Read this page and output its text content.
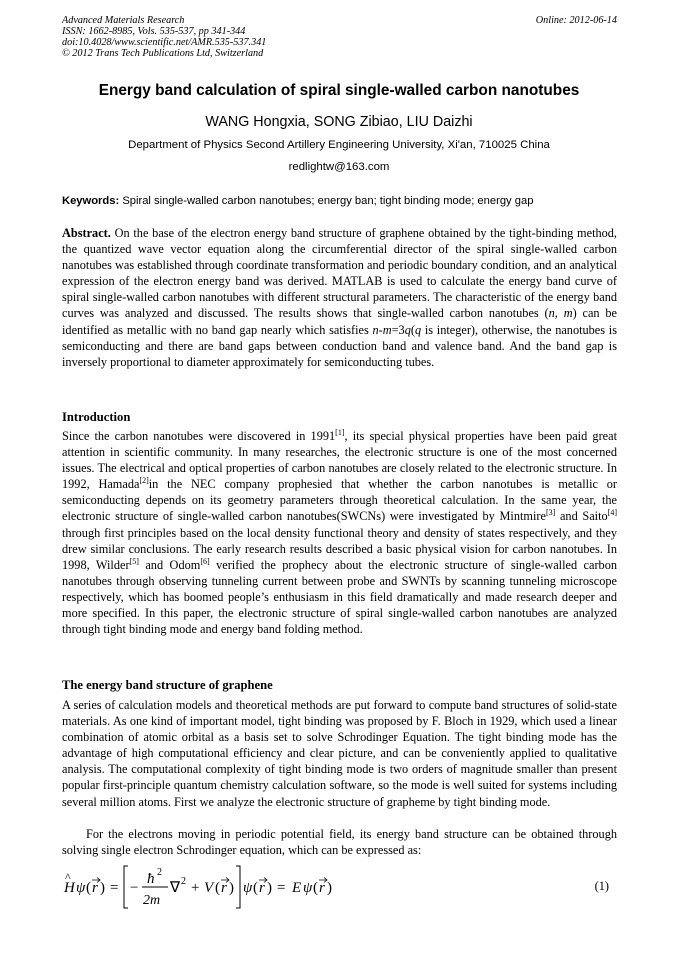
Advanced Materials Research
ISSN: 1662-8985, Vols. 535-537, pp 341-344
doi:10.4028/www.scientific.net/AMR.535-537.341
© 2012 Trans Tech Publications Ltd, Switzerland
Online: 2012-06-14
Energy band calculation of spiral single-walled carbon nanotubes
WANG Hongxia, SONG Zibiao, LIU Daizhi
Department of Physics Second Artillery Engineering University, Xi'an, 710025 China
redlightw@163.com
Keywords: Spiral single-walled carbon nanotubes; energy ban; tight binding mode; energy gap

Abstract. On the base of the electron energy band structure of graphene obtained by the tight-binding method, the quantized wave vector equation along the circumferential director of the spiral single-walled carbon nanotubes was established through coordinate transformation and periodic boundary condition, and an analytical expression of the electron energy band was derived. MATLAB is used to calculate the energy band curve of spiral single-walled carbon nanotubes with different structural parameters. The characteristic of the energy band curves was analyzed and discussed. The results shows that single-walled carbon nanotubes (n, m) can be identified as metallic with no band gap nearly which satisfies n-m=3q(q is integer), otherwise, the nanotubes is semiconducting and there are band gaps between conduction band and valence band. And the band gap is inversely proportional to diameter approximately for semiconducting tubes.

Introduction

Since the carbon nanotubes were discovered in 1991[1], its special physical properties have been paid great attention in scientific community. In many researches, the electronic structure is one of the most concerned issues. The electrical and optical properties of carbon nanotubes are closely related to the electronic structure. In 1992, Hamada[2]in the NEC company prophesied that whether the carbon nanotubes is metallic or semiconducting depends on its geometry parameters through theoretical calculation. In the same year, the electronic structure of single-walled carbon nanotubes(SWCNs) were investigated by Mintmire[3] and Saito[4] through first principles based on the local density functional theory and density of states respectively, and they drew similar conclusions. The early research results described a basic physical vision for carbon nanotubes. In 1998, Wilder[5] and Odom[6] verified the prophecy about the electronic structure of single-walled carbon nanotubes through observing tunneling current between probe and SWNTs by scanning tunneling microscope respectively, which has boomed people’s enthusiasm in this field dramatically and made research deeper and more specified. In this paper, the electronic structure of spiral single-walled carbon nanotubes are analyzed through tight binding mode and energy band folding method.

The energy band structure of graphene

A series of calculation models and theoretical methods are put forward to compute band structures of solid-state materials. As one kind of important model, tight binding was proposed by F. Bloch in 1929, which used a linear combination of atomic orbital as a basis set to solve Schrodinger Equation. The tight binding mode has the advantage of high computational efficiency and clear picture, and can be conveniently applied to qualitative analysis. The computational complexity of tight binding mode is two orders of magnitude smaller than present popular first-principle quantum chemistry calculation software, so the mode is well suited for systems including several million atoms. First we analyze the electronic structure of grapheme by tight binding mode.

For the electrons moving in periodic potential field, its energy band structure can be obtained through solving single electron Schrodinger equation, which can be expressed as:

H
^
ψ ( r ) = −
ħ 2
2m
∇ 2 + V ( r ) ψ ( r ) = E ψ ( r )	(1)
